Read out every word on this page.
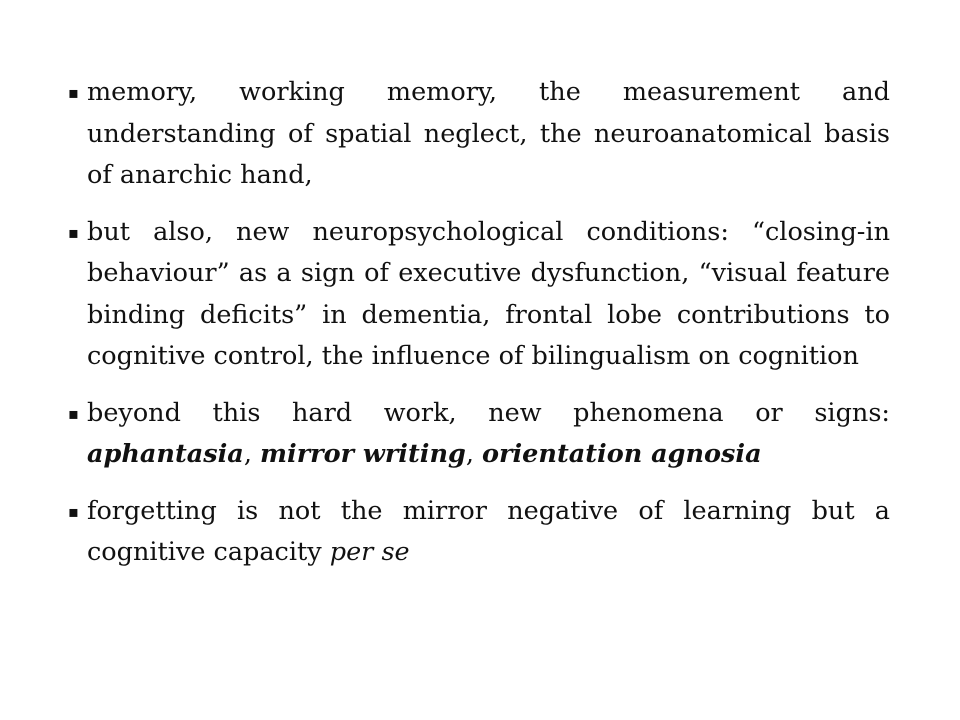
▪ memory, working memory, the measurement and understanding of spatial neglect, the neuroanatomical basis of anarchic hand,
▪ but also, new neuropsychological conditions: “closing-in behaviour” as a sign of executive dysfunction, “visual feature binding deficits” in dementia, frontal lobe contributions to cognitive control, the influence of bilingualism on cognition
▪ beyond this hard work, new phenomena or signs: aphantasia, mirror writing, orientation agnosia
▪ forgetting is not the mirror negative of learning but a cognitive capacity per se
